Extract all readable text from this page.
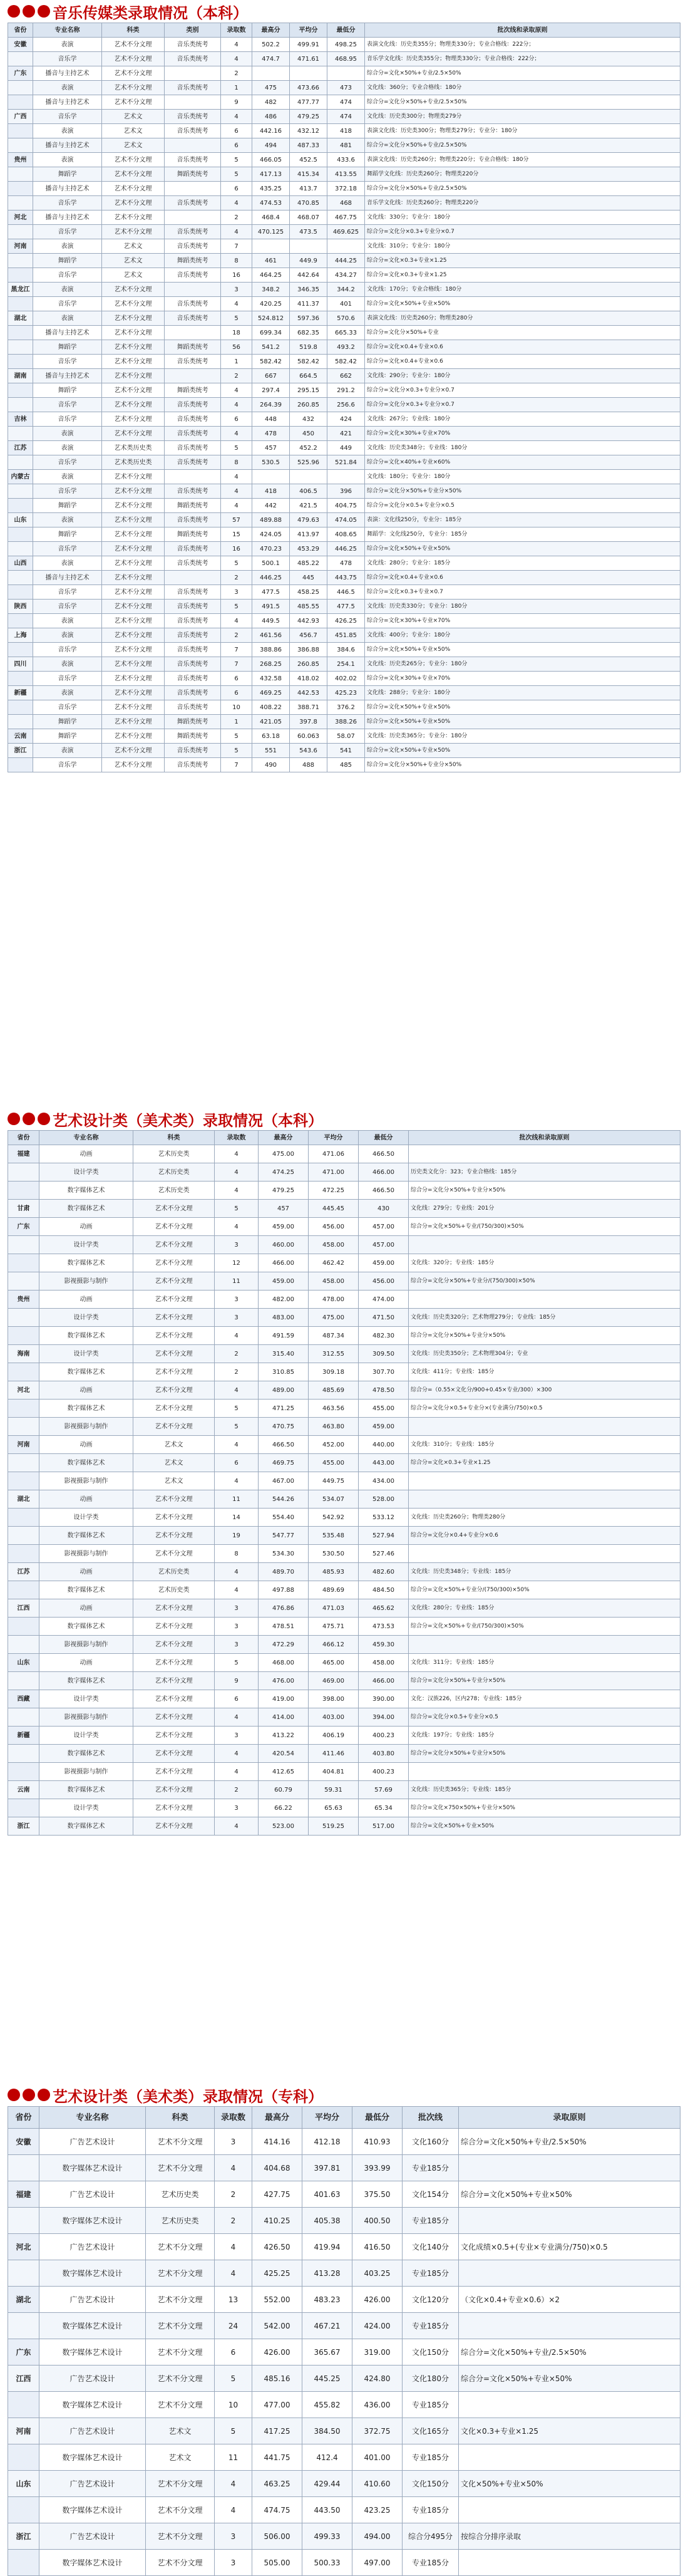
音乐传媒类录取情况（本科）
省份	专业名称	科类	类别	录取数	最高分	平均分	最低分	批次线和录取原则
安徽	表演	艺术不分文理	音乐类统考	4	502.2	499.91	498.25	表演文化线：历史类355分；物理类330分；专业合格线：222分；
	音乐学	艺术不分文理	音乐类统考	4	474.7	471.61	468.95	音乐学文化线：历史类355分；物理类330分；专业合格线：222分；
广东	播音与主持艺术	艺术不分文理		2				综合分=文化×50%+专业/2.5×50%
	表演	艺术不分文理	音乐类统考	1	475	473.66	473	文化线：360分；专业合格线：180分
	播音与主持艺术	艺术不分文理		9	482	477.77	474	综合分=文化分×50%+专业/2.5×50%
广西	音乐学	艺术文	音乐类统考	4	486	479.25	474	文化线：历史类300分；物理类279分
	表演	艺术文	音乐类统考	6	442.16	432.12	418	表演文化线：历史类300分；物理类279分；专业分：180分
	播音与主持艺术	艺术文		6	494	487.33	481	综合分=文化分×50%+专业/2.5×50%
贵州	表演	艺术不分文理	音乐类统考	5	466.05	452.5	433.6	表演文化线：历史类260分；物理类220分；专业合格线：180分
	舞蹈学	艺术不分文理	舞蹈类统考	5	417.13	415.34	413.55	舞蹈学文化线：历史类260分；物理类220分
	播音与主持艺术	艺术不分文理		6	435.25	413.7	372.18	综合分=文化分×50%+专业/2.5×50%
	音乐学	艺术不分文理	音乐类统考	4	474.53	470.85	468	音乐学文化线：历史类260分；物理类220分
河北	播音与主持艺术	艺术不分文理		2	468.4	468.07	467.75	文化线：330分；专业分：180分
	音乐学	艺术不分文理	音乐类统考	4	470.125	473.5	469.625	综合分=文化分×0.3+专业分×0.7
河南	表演	艺术文	音乐类统考	7				文化线：310分；专业分：180分
	舞蹈学	艺术文	舞蹈类统考	8	461	449.9	444.25	综合分=文化×0.3+专业×1.25
	音乐学	艺术文	音乐类统考	16	464.25	442.64	434.27	综合分=文化×0.3+专业×1.25
黑龙江	表演	艺术不分文理		3	348.2	346.35	344.2	文化线：170分；专业合格线：180分
	音乐学	艺术不分文理	音乐类统考	4	420.25	411.37	401	综合分=文化×50%+专业×50%
湖北	表演	艺术不分文理	音乐类统考	5	524.812	597.36	570.6	表演文化线：历史类260分；物理类280分
	播音与主持艺术	艺术不分文理		18	699.34	682.35	665.33	综合分=文化分×50%+专业
	舞蹈学	艺术不分文理	舞蹈类统考	56	541.2	519.8	493.2	综合分=文化×0.4+专业×0.6
	音乐学	艺术不分文理	音乐类统考	1	582.42	582.42	582.42	综合分=文化×0.4+专业×0.6
湖南	播音与主持艺术	艺术不分文理		2	667	664.5	662	文化线：290分；专业分：180分
	舞蹈学	艺术不分文理	舞蹈类统考	4	297.4	295.15	291.2	综合分=文化分×0.3+专业分×0.7
	音乐学	艺术不分文理	音乐类统考	4	264.39	260.85	256.6	综合分=文化分×0.3+专业分×0.7
吉林	音乐学	艺术不分文理	音乐类统考	6	448	432	424	文化线：267分；专业线：180分
	表演	艺术不分文理	音乐类统考	4	478	450	421	综合分=文化×30%+专业×70%
江苏	表演	艺术类历史类	音乐类统考	5	457	452.2	449	文化线：历史类348分；专业线：180分
	音乐学	艺术类历史类	音乐类统考	8	530.5	525.96	521.84	综合分=文化×40%+专业×60%
内蒙古	表演	艺术不分文理		4				文化线：180分；专业分：180分
	音乐学	艺术不分文理	音乐类统考	4	418	406.5	396	综合分=文化分×50%+专业分×50%
	舞蹈学	艺术不分文理	舞蹈类统考	4	442	421.5	404.75	综合分=文化分×0.5+专业分×0.5
山东	表演	艺术不分文理	音乐类统考	57	489.88	479.63	474.05	表演：文化线250分，专业分：185分
	舞蹈学	艺术不分文理	舞蹈类统考	15	424.05	413.97	408.65	舞蹈学：文化线250分，专业分：185分
	音乐学	艺术不分文理	音乐类统考	16	470.23	453.29	446.25	综合分=文化×50%+专业×50%
山西	表演	艺术不分文理	音乐类统考	5	500.1	485.22	478	文化线：280分；专业分：185分
	播音与主持艺术	艺术不分文理		2	446.25	445	443.75	综合分=文化×0.4+专业×0.6
	音乐学	艺术不分文理	音乐类统考	3	477.5	458.25	446.5	综合分=文化×0.3+专业×0.7
陕西	音乐学	艺术不分文理	音乐类统考	5	491.5	485.55	477.5	文化线：历史类330分；专业分：180分
	表演	艺术不分文理	音乐类统考	4	449.5	442.93	426.25	综合分=文化×30%+专业×70%
上海	表演	艺术不分文理	音乐类统考	2	461.56	456.7	451.85	文化线：400分；专业分：180分
	音乐学	艺术不分文理	音乐类统考	7	388.86	386.88	384.6	综合分=文化×50%+专业×50%
四川	表演	艺术不分文理	音乐类统考	7	268.25	260.85	254.1	文化线：历史类265分；专业分：180分
	音乐学	艺术不分文理	音乐类统考	6	432.58	418.02	402.02	综合分=文化×30%+专业×70%
新疆	表演	艺术不分文理	音乐类统考	6	469.25	442.53	425.23	文化线：288分；专业分：180分
	音乐学	艺术不分文理	音乐类统考	10	408.22	388.71	376.2	综合分=文化×50%+专业×50%
	舞蹈学	艺术不分文理	舞蹈类统考	1	421.05	397.8	388.26	综合分=文化×50%+专业×50%
云南	舞蹈学	艺术不分文理	舞蹈类统考	5	63.18	60.063	58.07	文化线：历史类365分；专业分：180分
浙江	表演	艺术不分文理	音乐类统考	5	551	543.6	541	综合分=文化×50%+专业×50%
	音乐学	艺术不分文理	音乐类统考	7	490	488	485	综合分=文化分×50%+专业分×50%
艺术设计类（美术类）录取情况（本科）
省份	专业名称	科类	录取数	最高分	平均分	最低分	批次线和录取原则
福建	动画	艺术历史类	4	475.00	471.06	466.50	
	设计学类	艺术历史类	4	474.25	471.00	466.00	历史类文化分：323；专业合格线：185分
	数字媒体艺术	艺术历史类	4	479.25	472.25	466.50	综合分=文化分×50%+专业分×50%
甘肃	数字媒体艺术	艺术不分文理	5	457	445.45	430	文化线：279分；专业线：201分
广东	动画	艺术不分文理	4	459.00	456.00	457.00	综合分=文化×50%+专业/(750/300)×50%
	设计学类	艺术不分文理	3	460.00	458.00	457.00	
	数字媒体艺术	艺术不分文理	12	466.00	462.42	459.00	文化线：320分；专业线：185分
	影视摄影与制作	艺术不分文理	11	459.00	458.00	456.00	综合分=文化分×50%+专业分/(750/300)×50%
贵州	动画	艺术不分文理	3	482.00	478.00	474.00	
	设计学类	艺术不分文理	3	483.00	475.00	471.50	文化线：历史类320分；艺术物理279分；专业线：185分
	数字媒体艺术	艺术不分文理	4	491.59	487.34	482.30	综合分=文化分×50%+专业分×50%
海南	设计学类	艺术不分文理	2	315.40	312.55	309.50	文化线：历史类350分；艺术物理304分；专业
	数字媒体艺术	艺术不分文理	2	310.85	309.18	307.70	文化线：411分；专业线：185分
河北	动画	艺术不分文理	4	489.00	485.69	478.50	综合分=（0.55×文化分/900+0.45×专业/300）×300
	数字媒体艺术	艺术不分文理	5	471.25	463.56	455.00	综合分=文化分×0.5+专业分×(专业满分/750)×0.5
	影视摄影与制作	艺术不分文理	5	470.75	463.80	459.00	
河南	动画	艺术文	4	466.50	452.00	440.00	文化线：310分；专业线：185分
	数字媒体艺术	艺术文	6	469.75	455.00	443.00	综合分=文化×0.3+专业×1.25
	影视摄影与制作	艺术文	4	467.00	449.75	434.00	
湖北	动画	艺术不分文理	11	544.26	534.07	528.00	
	设计学类	艺术不分文理	14	554.40	542.92	533.12	文化线：历史类260分；物理类280分
	数字媒体艺术	艺术不分文理	19	547.77	535.48	527.94	综合分=文化分×0.4+专业分×0.6
	影视摄影与制作	艺术不分文理	8	534.30	530.50	527.46	
江苏	动画	艺术历史类	4	489.70	485.93	482.60	文化线：历史类348分；专业线：185分
	数字媒体艺术	艺术历史类	4	497.88	489.69	484.50	综合分=文化×50%+专业分/(750/300)×50%
江西	动画	艺术不分文理	3	476.86	471.03	465.62	文化线：280分；专业线：185分
	数字媒体艺术	艺术不分文理	3	478.51	475.71	473.53	综合分=文化×50%+专业/(750/300)×50%
	影视摄影与制作	艺术不分文理	3	472.29	466.12	459.30	
山东	动画	艺术不分文理	5	468.00	465.00	458.00	文化线：311分；专业线：185分
	数字媒体艺术	艺术不分文理	9	476.00	469.00	466.00	综合分=文化分×50%+专业分×50%
西藏	设计学类	艺术不分文理	6	419.00	398.00	390.00	文化：汉族226，区内278；专业线：185分
	影视摄影与制作	艺术不分文理	4	414.00	403.00	394.00	综合分=文化分×0.5+专业分×0.5
新疆	设计学类	艺术不分文理	3	413.22	406.19	400.23	文化线：197分；专业线：185分
	数字媒体艺术	艺术不分文理	4	420.54	411.46	403.80	综合分=文化分×50%+专业分×50%
	影视摄影与制作	艺术不分文理	4	412.65	404.81	400.23	
云南	数字媒体艺术	艺术不分文理	2	60.79	59.31	57.69	文化线：历史类365分；专业线：185分
	设计学类	艺术不分文理	3	66.22	65.63	65.34	综合分=文化×750×50%+专业分×50%
浙江	数字媒体艺术	艺术不分文理	4	523.00	519.25	517.00	综合分=文化×50%+专业×50%
艺术设计类（美术类）录取情况（专科）
省份	专业名称	科类	录取数	最高分	平均分	最低分	批次线	录取原则
安徽	广告艺术设计	艺术不分文理	3	414.16	412.18	410.93	文化160分	综合分=文化×50%+专业/2.5×50%
	数字媒体艺术设计	艺术不分文理	4	404.68	397.81	393.99	专业185分	
福建	广告艺术设计	艺术历史类	2	427.75	401.63	375.50	文化154分	综合分=文化×50%+专业×50%
	数字媒体艺术设计	艺术历史类	2	410.25	405.38	400.50	专业185分	
河北	广告艺术设计	艺术不分文理	4	426.50	419.94	416.50	文化140分	文化成绩×0.5+(专业×专业满分/750)×0.5
	数字媒体艺术设计	艺术不分文理	4	425.25	413.28	403.25	专业185分	
湖北	广告艺术设计	艺术不分文理	13	552.00	483.23	426.00	文化120分	（文化×0.4+专业×0.6）×2
	数字媒体艺术设计	艺术不分文理	24	542.00	467.21	424.00	专业185分	
广东	数字媒体艺术设计	艺术不分文理	6	426.00	365.67	319.00	文化150分	综合分=文化×50%+专业/2.5×50%
江西	广告艺术设计	艺术不分文理	5	485.16	445.25	424.80	文化180分	综合分=文化×50%+专业×50%
	数字媒体艺术设计	艺术不分文理	10	477.00	455.82	436.00	专业185分	
河南	广告艺术设计	艺术文	5	417.25	384.50	372.75	文化165分	文化×0.3+专业×1.25
	数字媒体艺术设计	艺术文	11	441.75	412.4	401.00	专业185分	
山东	广告艺术设计	艺术不分文理	4	463.25	429.44	410.60	文化150分	文化×50%+专业×50%
	数字媒体艺术设计	艺术不分文理	4	474.75	443.50	423.25	专业185分	
浙江	广告艺术设计	艺术不分文理	3	506.00	499.33	494.00	综合分495分	按综合分排序录取
	数字媒体艺术设计	艺术不分文理	3	505.00	500.33	497.00	专业185分	
